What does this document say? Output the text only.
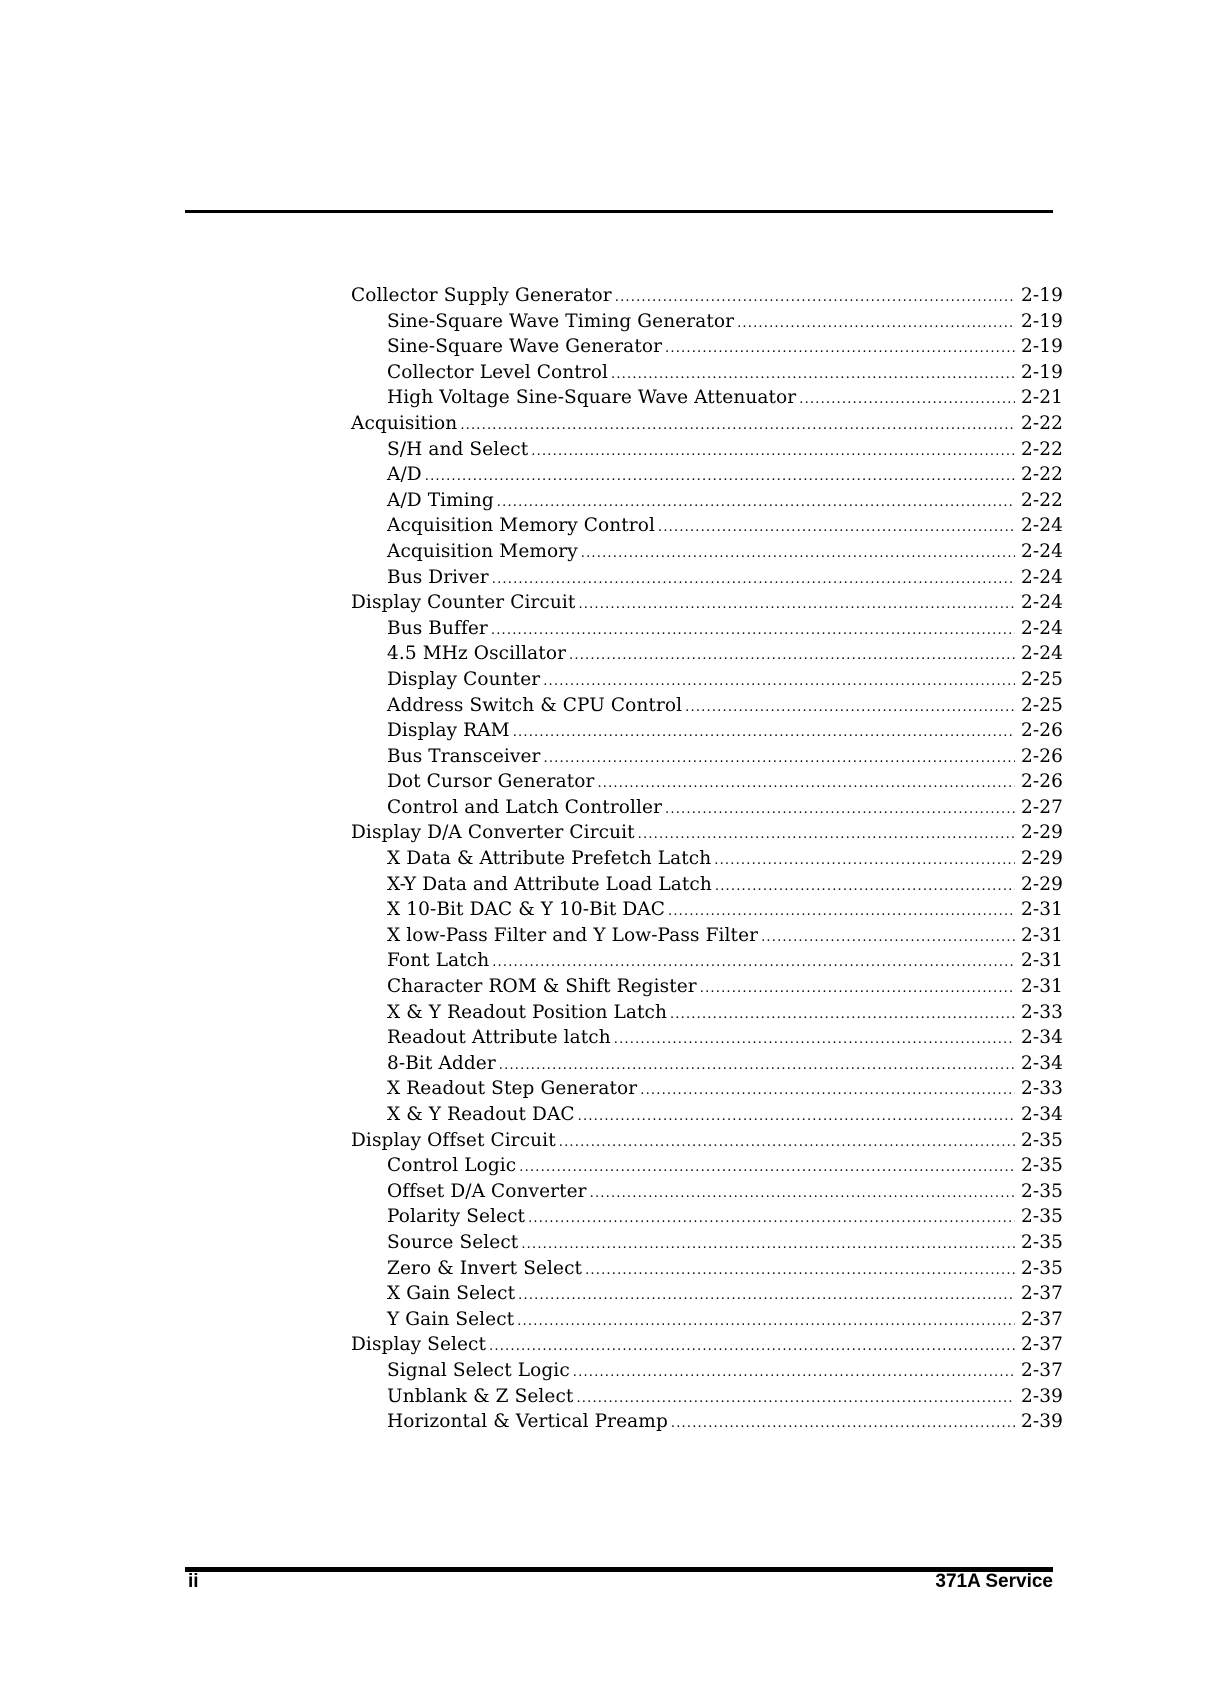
Collector Supply Generator .....	2-19
Sine-Square Wave Timing Generator .....	2-19
Sine-Square Wave Generator .....	2-19
Collector Level Control .....	2-19
High Voltage Sine-Square Wave Attenuator .....	2-21
Acquisition .....	2-22
S/H and Select .....	2-22
A/D .....	2-22
A/D Timing .....	2-22
Acquisition Memory Control .....	2-24
Acquisition Memory .....	2-24
Bus Driver .....	2-24
Display Counter Circuit .....	2-24
Bus Buffer .....	2-24
4.5 MHz Oscillator .....	2-24
Display Counter .....	2-25
Address Switch & CPU Control .....	2-25
Display RAM .....	2-26
Bus Transceiver .....	2-26
Dot Cursor Generator .....	2-26
Control and Latch Controller .....	2-27
Display D/A Converter Circuit .....	2-29
X Data & Attribute Prefetch Latch .....	2-29
X-Y Data and Attribute Load Latch .....	2-29
X 10-Bit DAC & Y 10-Bit DAC .....	2-31
X low-Pass Filter and Y Low-Pass Filter .....	2-31
Font Latch .....	2-31
Character ROM & Shift Register .....	2-31
X & Y Readout Position Latch .....	2-33
Readout Attribute latch .....	2-34
8-Bit Adder .....	2-34
X Readout Step Generator .....	2-33
X & Y Readout DAC .....	2-34
Display Offset Circuit .....	2-35
Control Logic .....	2-35
Offset D/A Converter .....	2-35
Polarity Select .....	2-35
Source Select .....	2-35
Zero & Invert Select .....	2-35
X Gain Select .....	2-37
Y Gain Select .....	2-37
Display Select .....	2-37
Signal Select Logic .....	2-37
Unblank & Z Select .....	2-39
Horizontal & Vertical Preamp .....	2-39
ii	371A Service
